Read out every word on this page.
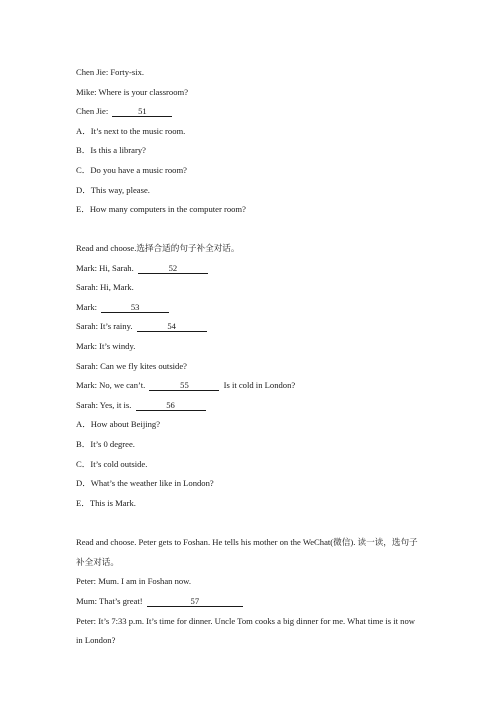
Chen Jie: Forty-six.
Mike: Where is your classroom?
Chen Jie:	51
A．It’s next to the music room.
B．Is this a library?
C．Do you have a music room?
D．This way, please.
E．How many computers in the computer room?
Read and choose.选择合适的句子补全对话。
Mark: Hi, Sarah.	52
Sarah: Hi, Mark.
Mark:	53
Sarah: It’s rainy.	54
Mark: It’s windy.
Sarah: Can we fly kites outside?
Mark: No, we can’t.	55	Is it cold in London?
Sarah: Yes, it is.	56
A．How about Beijing?
B．It’s 0 degree.
C．It’s cold outside.
D．What’s the weather like in London?
E．This is Mark.
Read and choose. Peter gets to Foshan. He tells his mother on the WeChat(微信). 读一读，选句子
补全对话。
Peter: Mum. I am in Foshan now.
Mum: That’s great!	57
Peter: It’s 7:33 p.m. It’s time for dinner. Uncle Tom cooks a big dinner for me. What time is it now
in London?
